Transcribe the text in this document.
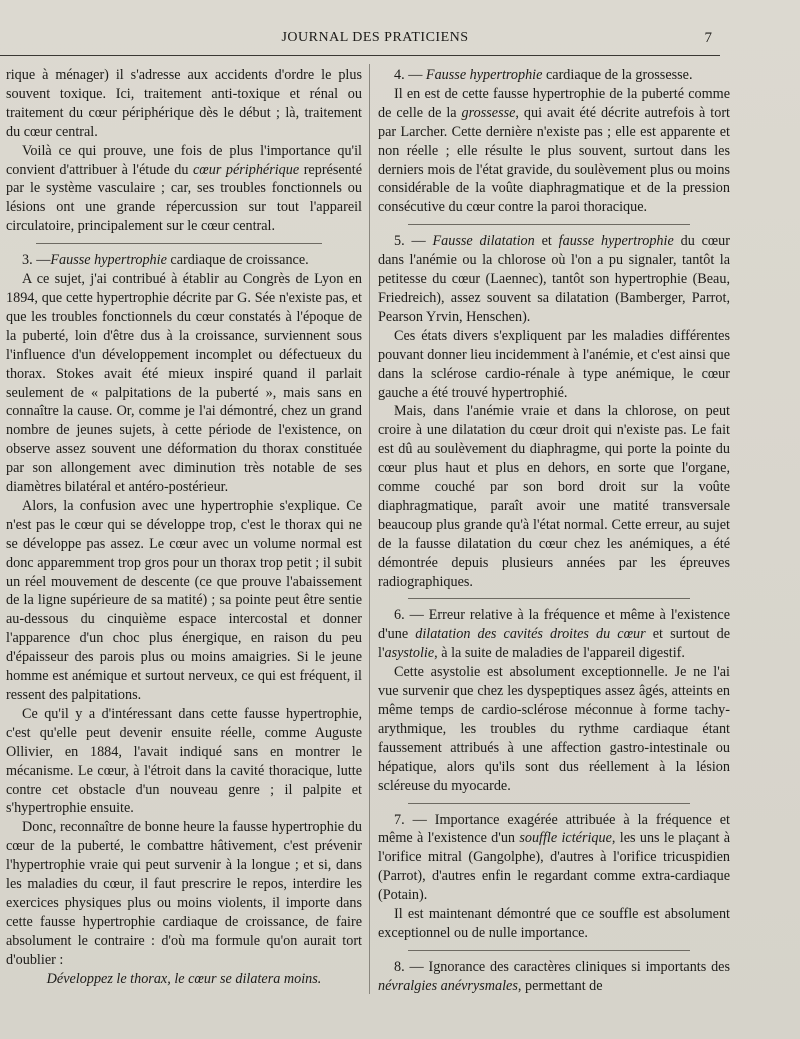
JOURNAL DES PRATICIENS	7

rique à ménager) il s'adresse aux accidents d'ordre le plus souvent toxique. Ici, traitement anti-toxique et rénal ou traitement du cœur périphérique dès le début ; là, traitement du cœur central.

Voilà ce qui prouve, une fois de plus l'importance qu'il convient d'attribuer à l'étude du cœur périphérique représenté par le système vasculaire ; car, ses troubles fonctionnels ou lésions ont une grande répercussion sur tout l'appareil circulatoire, principalement sur le cœur central.

3. —Fausse hypertrophie cardiaque de croissance.

A ce sujet, j'ai contribué à établir au Congrès de Lyon en 1894, que cette hypertrophie décrite par G. Sée n'existe pas, et que les troubles fonctionnels du cœur constatés à l'époque de la puberté, loin d'être dus à la croissance, surviennent sous l'influence d'un développement incomplet ou défectueux du thorax. Stokes avait été mieux inspiré quand il parlait seulement de « palpitations de la puberté », mais sans en connaître la cause. Or, comme je l'ai démontré, chez un grand nombre de jeunes sujets, à cette période de l'existence, on observe assez souvent une déformation du thorax constituée par son allongement avec diminution très notable de ses diamètres bilatéral et antéro-postérieur.

Alors, la confusion avec une hypertrophie s'explique. Ce n'est pas le cœur qui se développe trop, c'est le thorax qui ne se développe pas assez. Le cœur avec un volume normal est donc apparemment trop gros pour un thorax trop petit ; il subit un réel mouvement de descente (ce que prouve l'abaissement de la ligne supérieure de sa matité) ; sa pointe peut être sentie au-dessous du cinquième espace intercostal et donner l'apparence d'un choc plus énergique, en raison du peu d'épaisseur des parois plus ou moins amaigries. Si le jeune homme est anémique et surtout nerveux, ce qui est fréquent, il ressent des palpitations.

Ce qu'il y a d'intéressant dans cette fausse hypertrophie, c'est qu'elle peut devenir ensuite réelle, comme Auguste Ollivier, en 1884, l'avait indiqué sans en montrer le mécanisme. Le cœur, à l'étroit dans la cavité thoracique, lutte contre cet obstacle d'un nouveau genre ; il palpite et s'hypertrophie ensuite.

Donc, reconnaître de bonne heure la fausse hypertrophie du cœur de la puberté, le combattre hâtivement, c'est prévenir l'hypertrophie vraie qui peut survenir à la longue ; et si, dans les maladies du cœur, il faut prescrire le repos, interdire les exercices physiques plus ou moins violents, il importe dans cette fausse hypertrophie cardiaque de croissance, de faire absolument le contraire : d'où ma formule qu'on aurait tort d'oublier :

Développez le thorax, le cœur se dilatera moins.

4. — Fausse hypertrophie cardiaque de la grossesse.

Il en est de cette fausse hypertrophie de la puberté comme de celle de la grossesse, qui avait été décrite autrefois à tort par Larcher. Cette dernière n'existe pas ; elle est apparente et non réelle ; elle résulte le plus souvent, surtout dans les derniers mois de l'état gravide, du soulèvement plus ou moins considérable de la voûte diaphragmatique et de la pression consécutive du cœur contre la paroi thoracique.

5. — Fausse dilatation et fausse hypertrophie du cœur dans l'anémie ou la chlorose où l'on a pu signaler, tantôt la petitesse du cœur (Laennec), tantôt son hypertrophie (Beau, Friedreich), assez souvent sa dilatation (Bamberger, Parrot, Pearson Yrvin, Henschen).

Ces états divers s'expliquent par les maladies différentes pouvant donner lieu incidemment à l'anémie, et c'est ainsi que dans la sclérose cardio-rénale à type anémique, le cœur gauche a été trouvé hypertrophié.

Mais, dans l'anémie vraie et dans la chlorose, on peut croire à une dilatation du cœur droit qui n'existe pas. Le fait est dû au soulèvement du diaphragme, qui porte la pointe du cœur plus haut et plus en dehors, en sorte que l'organe, comme couché par son bord droit sur la voûte diaphragmatique, paraît avoir une matité transversale beaucoup plus grande qu'à l'état normal. Cette erreur, au sujet de la fausse dilatation du cœur chez les anémiques, a été démontrée depuis plusieurs années par les épreuves radiographiques.

6. — Erreur relative à la fréquence et même à l'existence d'une dilatation des cavités droites du cœur et surtout de l'asystolie, à la suite de maladies de l'appareil digestif.

Cette asystolie est absolument exceptionnelle. Je ne l'ai vue survenir que chez les dyspeptiques assez âgés, atteints en même temps de cardio-sclérose méconnue à forme tachy-arythmique, les troubles du rythme cardiaque étant faussement attribués à une affection gastro-intestinale ou hépatique, alors qu'ils sont dus réellement à la lésion scléreuse du myocarde.

7. — Importance exagérée attribuée à la fréquence et même à l'existence d'un souffle ictérique, les uns le plaçant à l'orifice mitral (Gangolphe), d'autres à l'orifice tricuspidien (Parrot), d'autres enfin le regardant comme extra-cardiaque (Potain).

Il est maintenant démontré que ce souffle est absolument exceptionnel ou de nulle importance.

8. — Ignorance des caractères cliniques si importants des névralgies anévrysmales, permettant de
